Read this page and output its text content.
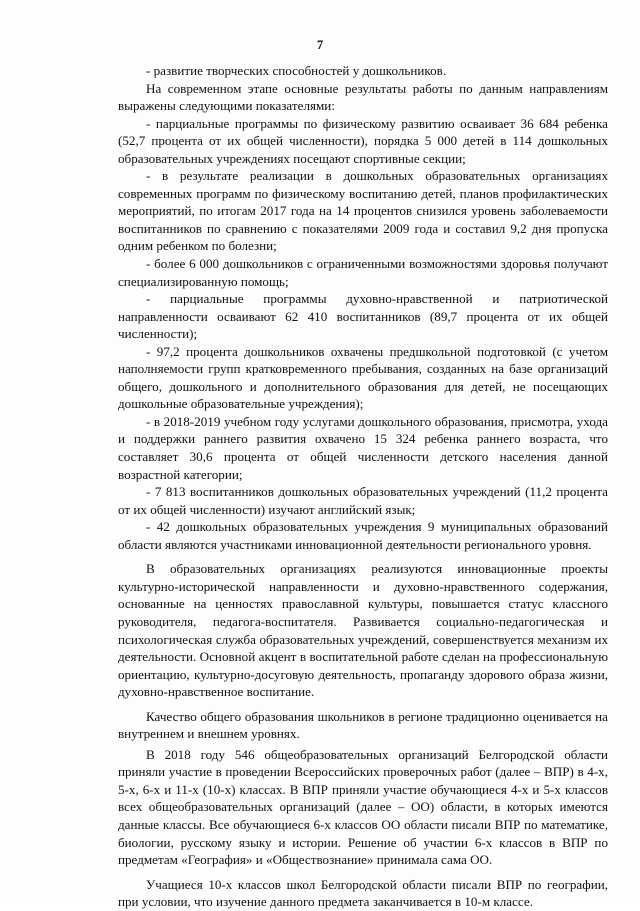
7

- развитие творческих способностей у дошкольников.

На современном этапе основные результаты работы по данным направлениям выражены следующими показателями:

- парциальные программы по физическому развитию осваивает 36 684 ребенка (52,7 процента от их общей численности), порядка 5 000 детей в 114 дошкольных образовательных учреждениях посещают спортивные секции;

- в результате реализации в дошкольных образовательных организациях современных программ по физическому воспитанию детей, планов профилактических мероприятий, по итогам 2017 года на 14 процентов снизился уровень заболеваемости воспитанников по сравнению с показателями 2009 года и составил 9,2 дня пропуска одним ребенком по болезни;

- более 6 000 дошкольников с ограниченными возможностями здоровья получают специализированную помощь;

- парциальные программы духовно-нравственной и патриотической направленности осваивают 62 410 воспитанников (89,7 процента от их общей численности);

- 97,2 процента дошкольников охвачены предшкольной подготовкой (с учетом наполняемости групп кратковременного пребывания, созданных на базе организаций общего, дошкольного и дополнительного образования для детей, не посещающих дошкольные образовательные учреждения);

- в 2018-2019 учебном году услугами дошкольного образования, присмотра, ухода и поддержки раннего развития охвачено 15 324 ребенка раннего возраста, что составляет 30,6 процента от общей численности детского населения данной возрастной категории;

- 7 813 воспитанников дошкольных образовательных учреждений (11,2 процента от их общей численности) изучают английский язык;

- 42 дошкольных образовательных учреждения 9 муниципальных образований области являются участниками инновационной деятельности регионального уровня.

В образовательных организациях реализуются инновационные проекты культурно-исторической направленности и духовно-нравственного содержания, основанные на ценностях православной культуры, повышается статус классного руководителя, педагога-воспитателя. Развивается социально-педагогическая и психологическая служба образовательных учреждений, совершенствуется механизм их деятельности. Основной акцент в воспитательной работе сделан на профессиональную ориентацию, культурно-досуговую деятельность, пропаганду здорового образа жизни, духовно-нравственное воспитание.

Качество общего образования школьников в регионе традиционно оценивается на внутреннем и внешнем уровнях.

В 2018 году 546 общеобразовательных организаций Белгородской области приняли участие в проведении Всероссийских проверочных работ (далее – ВПР) в 4-х, 5-х, 6-х и 11-х (10-х) классах. В ВПР приняли участие обучающиеся 4-х и 5-х классов всех общеобразовательных организаций (далее – ОО) области, в которых имеются данные классы. Все обучающиеся 6-х классов ОО области писали ВПР по математике, биологии, русскому языку и истории. Решение об участии 6-х классов в ВПР по предметам «География» и «Обществознание» принимала сама ОО.

Учащиеся 10-х классов школ Белгородской области писали ВПР по географии, при условии, что изучение данного предмета заканчивается в 10-м классе.
